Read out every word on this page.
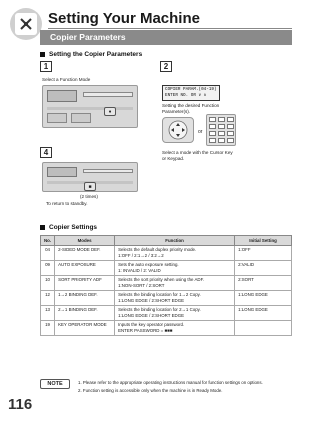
Setting Your Machine
Copier Parameters
Setting the Copier Parameters
1
Select a Function Mode
♦
2
COPIER PARAM.(04-19)
ENTER NO. OR ∨ ∧
Setting the desired Function Parameter(s).
or
Select a mode with the Cursor Key or Keypad.
4
■
(2 times)
To return to standby.
Copier Settings
No.	Modes	Function	Initial Setting
04	2-SIDED MODE DEF.	Selects the default duplex priority mode.
1:OFF / 2:1→2 / 3:2→2	1:OFF
09	AUTO EXPOSURE	Sets the auto exposure setting.
1: INVALID / 2: VALID	2:VALID
10	SORT PRIORITY ADF	Selects the sort priority when using the ADF.
1:NON-SORT / 2:SORT	2:SORT
12	1→2 BINDING DEF.	Selects the binding location for 1→2 Copy.
1:LONG EDGE / 2:SHORT EDGE	1:LONG EDGE
13	2→1 BINDING DEF.	Selects the binding location for 2→1 Copy.
1:LONG EDGE / 2:SHORT EDGE	1:LONG EDGE
19	KEY OPERATOR MODE	Inputs the key operator password.
ENTER PASSWORD = ■■■	
NOTE	1. Please refer to the appropriate operating instructions manual for function settings on options.
2. Function setting is accessible only when the machine is in Ready Mode.
116
